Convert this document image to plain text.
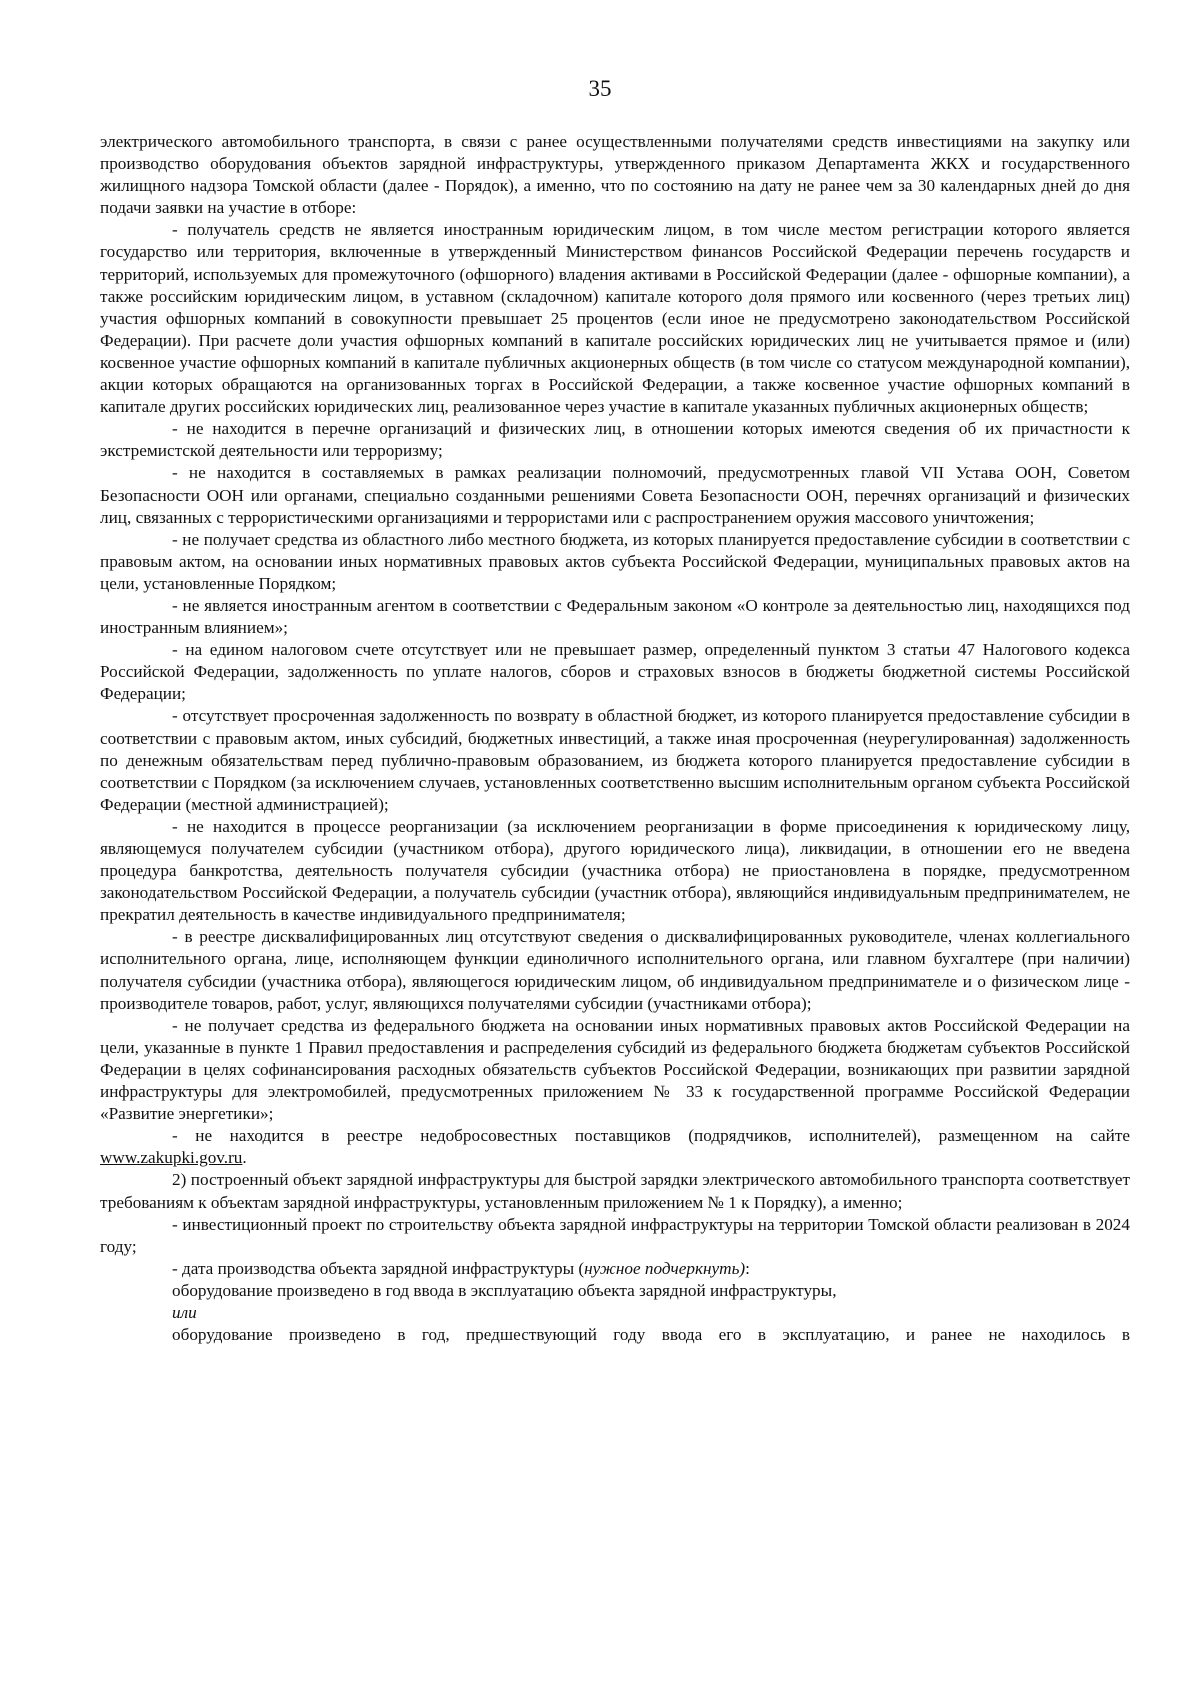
35

электрического автомобильного транспорта, в связи с ранее осуществленными получателями средств инвестициями на закупку или производство оборудования объектов зарядной инфраструктуры, утвержденного приказом Департамента ЖКХ и государственного жилищного надзора Томской области (далее - Порядок), а именно, что по состоянию на дату не ранее чем за 30 календарных дней до дня подачи заявки на участие в отборе:

- получатель средств не является иностранным юридическим лицом, в том числе местом регистрации которого является государство или территория, включенные в утвержденный Министерством финансов Российской Федерации перечень государств и территорий, используемых для промежуточного (офшорного) владения активами в Российской Федерации (далее - офшорные компании), а также российским юридическим лицом, в уставном (складочном) капитале которого доля прямого или косвенного (через третьих лиц) участия офшорных компаний в совокупности превышает 25 процентов (если иное не предусмотрено законодательством Российской Федерации). При расчете доли участия офшорных компаний в капитале российских юридических лиц не учитывается прямое и (или) косвенное участие офшорных компаний в капитале публичных акционерных обществ (в том числе со статусом международной компании), акции которых обращаются на организованных торгах в Российской Федерации, а также косвенное участие офшорных компаний в капитале других российских юридических лиц, реализованное через участие в капитале указанных публичных акционерных обществ;

- не находится в перечне организаций и физических лиц, в отношении которых имеются сведения об их причастности к экстремистской деятельности или терроризму;

- не находится в составляемых в рамках реализации полномочий, предусмотренных главой VII Устава ООН, Советом Безопасности ООН или органами, специально созданными решениями Совета Безопасности ООН, перечнях организаций и физических лиц, связанных с террористическими организациями и террористами или с распространением оружия массового уничтожения;

- не получает средства из областного либо местного бюджета, из которых планируется предоставление субсидии в соответствии с правовым актом, на основании иных нормативных правовых актов субъекта Российской Федерации, муниципальных правовых актов на цели, установленные Порядком;

- не является иностранным агентом в соответствии с Федеральным законом «О контроле за деятельностью лиц, находящихся под иностранным влиянием»;

- на едином налоговом счете отсутствует или не превышает размер, определенный пунктом 3 статьи 47 Налогового кодекса Российской Федерации, задолженность по уплате налогов, сборов и страховых взносов в бюджеты бюджетной системы Российской Федерации;

- отсутствует просроченная задолженность по возврату в областной бюджет, из которого планируется предоставление субсидии в соответствии с правовым актом, иных субсидий, бюджетных инвестиций, а также иная просроченная (неурегулированная) задолженность по денежным обязательствам перед публично-правовым образованием, из бюджета которого планируется предоставление субсидии в соответствии с Порядком (за исключением случаев, установленных соответственно высшим исполнительным органом субъекта Российской Федерации (местной администрацией);

- не находится в процессе реорганизации (за исключением реорганизации в форме присоединения к юридическому лицу, являющемуся получателем субсидии (участником отбора), другого юридического лица), ликвидации, в отношении его не введена процедура банкротства, деятельность получателя субсидии (участника отбора) не приостановлена в порядке, предусмотренном законодательством Российской Федерации, а получатель субсидии (участник отбора), являющийся индивидуальным предпринимателем, не прекратил деятельность в качестве индивидуального предпринимателя;

- в реестре дисквалифицированных лиц отсутствуют сведения о дисквалифицированных руководителе, членах коллегиального исполнительного органа, лице, исполняющем функции единоличного исполнительного органа, или главном бухгалтере (при наличии) получателя субсидии (участника отбора), являющегося юридическим лицом, об индивидуальном предпринимателе и о физическом лице - производителе товаров, работ, услуг, являющихся получателями субсидии (участниками отбора);

- не получает средства из федерального бюджета на основании иных нормативных правовых актов Российской Федерации на цели, указанные в пункте 1 Правил предоставления и распределения субсидий из федерального бюджета бюджетам субъектов Российской Федерации в целях софинансирования расходных обязательств субъектов Российской Федерации, возникающих при развитии зарядной инфраструктуры для электромобилей, предусмотренных приложением № 33 к государственной программе Российской Федерации «Развитие энергетики»;

- не находится в реестре недобросовестных поставщиков (подрядчиков, исполнителей), размещенном на сайте www.zakupki.gov.ru.

2) построенный объект зарядной инфраструктуры для быстрой зарядки электрического автомобильного транспорта соответствует требованиям к объектам зарядной инфраструктуры, установленным приложением № 1 к Порядку), а именно;

- инвестиционный проект по строительству объекта зарядной инфраструктуры на территории Томской области реализован в 2024 году;

- дата производства объекта зарядной инфраструктуры (нужное подчеркнуть):

оборудование произведено в год ввода в эксплуатацию объекта зарядной инфраструктуры,

или

оборудование произведено в год, предшествующий году ввода его в эксплуатацию, и ранее не находилось в
